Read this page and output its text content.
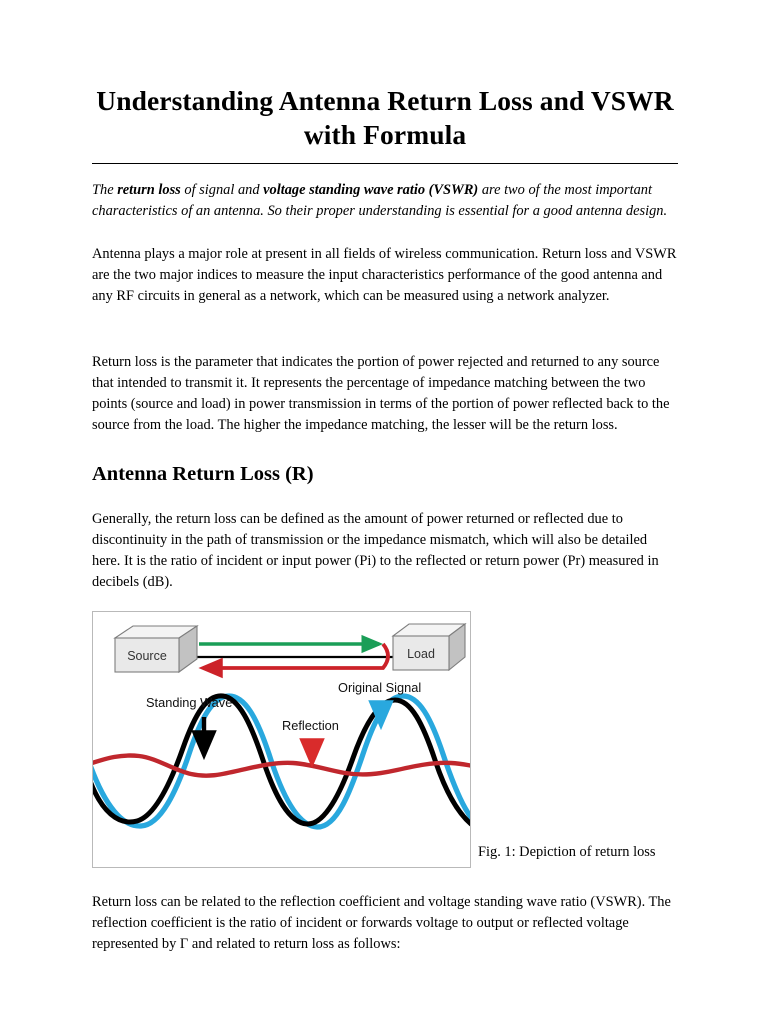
Understanding Antenna Return Loss and VSWR with Formula

The return loss of signal and voltage standing wave ratio (VSWR) are two of the most important characteristics of an antenna. So their proper understanding is essential for a good antenna design.

Antenna plays a major role at present in all fields of wireless communication. Return loss and VSWR are the two major indices to measure the input characteristics performance of the good antenna and any RF circuits in general as a network, which can be measured using a network analyzer.

Return loss is the parameter that indicates the portion of power rejected and returned to any source that intended to transmit it. It represents the percentage of impedance matching between the two points (source and load) in power transmission in terms of the portion of power reflected back to the source from the load. The higher the impedance matching, the lesser will be the return loss.

Antenna Return Loss (R)

Generally, the return loss can be defined as the amount of power returned or reflected due to discontinuity in the path of transmission or the impedance mismatch, which will also be detailed here. It is the ratio of incident or input power (Pi) to the reflected or return power (Pr) measured in decibels (dB).

Source	Load
Standing Wave
Reflection
Original Signal
Fig. 1: Depiction of return loss

Return loss can be related to the reflection coefficient and voltage standing wave ratio (VSWR). The reflection coefficient is the ratio of incident or forwards voltage to output or reflected voltage represented by Γ and related to return loss as follows:
